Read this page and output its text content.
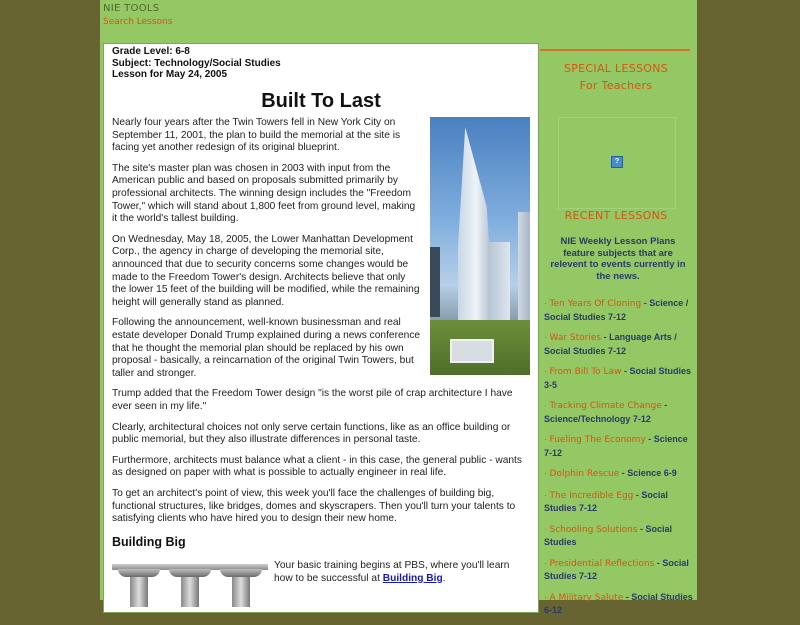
NIE TOOLS
Search Lessons
Grade Level: 6-8
Subject: Technology/Social Studies
Lesson for May 24, 2005
Built To Last

Nearly four years after the Twin Towers fell in New York City on September 11, 2001, the plan to build the memorial at the site is facing yet another redesign of its original blueprint.

The site's master plan was chosen in 2003 with input from the American public and based on proposals submitted primarily by professional architects. The winning design includes the "Freedom Tower," which will stand about 1,800 feet from ground level, making it the world's tallest building.

On Wednesday, May 18, 2005, the Lower Manhattan Development Corp., the agency in charge of developing the memorial site, announced that due to security concerns some changes would be made to the Freedom Tower's design. Architects believe that only the lower 15 feet of the building will be modified, while the remaining height will generally stand as planned.

Following the announcement, well-known businessman and real estate developer Donald Trump explained during a news conference that he thought the memorial plan should be replaced by his own proposal - basically, a reincarnation of the original Twin Towers, but taller and stronger.

Trump added that the Freedom Tower design "is the worst pile of crap architecture I have ever seen in my life."

Clearly, architectural choices not only serve certain functions, like as an office building or public memorial, but they also illustrate differences in personal taste.

Furthermore, architects must balance what a client - in this case, the general public - wants as designed on paper with what is possible to actually engineer in real life.

To get an architect's point of view, this week you'll face the challenges of building big, functional structures, like bridges, domes and skyscrapers. Then you'll turn your talents to satisfying clients who have hired you to design their new home.

Building Big
Your basic training begins at PBS, where you'll learn how to be successful at Building Big.
SPECIAL LESSONS
For Teachers
?
RECENT LESSONS
NIE Weekly Lesson Plans feature subjects that are relevent to events currently in the news.
· Ten Years Of Cloning - Science / Social Studies 7-12
· War Stories - Language Arts / Social Studies 7-12
· From Bill To Law - Social Studies 3-5
· Tracking Climate Change - Science/Technology 7-12
· Fueling The Economy - Science 7-12
· Dolphin Rescue - Science 6-9
· The Incredible Egg - Social Studies 7-12
· Schooling Solutions - Social Studies
· Presidential Reflections - Social Studies 7-12
· A Military Salute - Social Studies 6-12
